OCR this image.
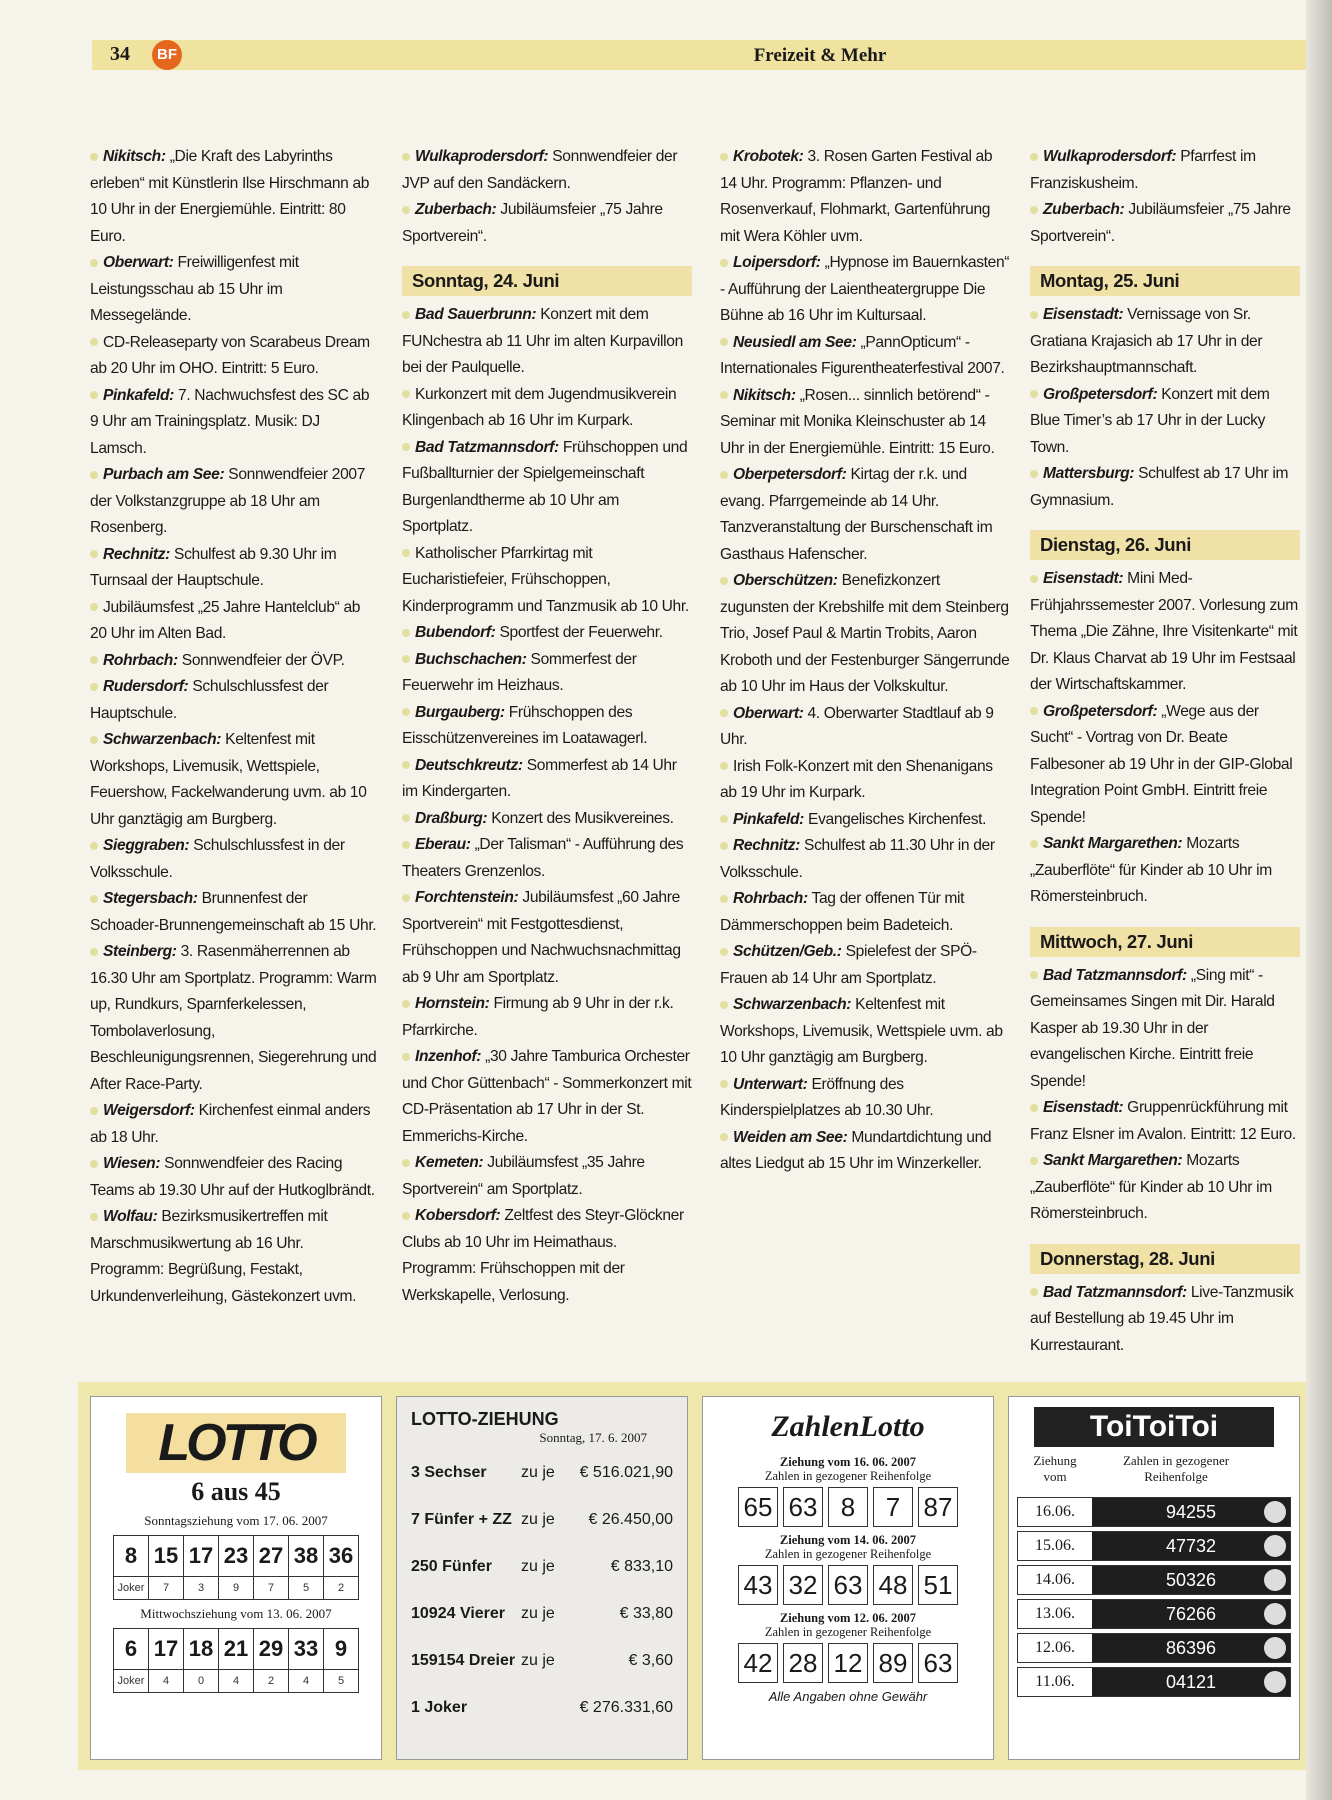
34	BF	Freizeit & Mehr

Nikitsch: „Die Kraft des Labyrinths erleben“ mit Künstlerin Ilse Hirschmann ab 10 Uhr in der Energiemühle. Eintritt: 80 Euro.

Oberwart: Freiwilligenfest mit Leistungsschau ab 15 Uhr im Messegelände.

CD-Releaseparty von Scarabeus Dream ab 20 Uhr im OHO. Eintritt: 5 Euro.

Pinkafeld: 7. Nachwuchsfest des SC ab 9 Uhr am Trainingsplatz. Musik: DJ Lamsch.

Purbach am See: Sonnwendfeier 2007 der Volkstanzgruppe ab 18 Uhr am Rosenberg.

Rechnitz: Schulfest ab 9.30 Uhr im Turnsaal der Hauptschule.

Jubiläumsfest „25 Jahre Hantelclub“ ab 20 Uhr im Alten Bad.

Rohrbach: Sonnwendfeier der ÖVP.

Rudersdorf: Schulschlussfest der Hauptschule.

Schwarzenbach: Keltenfest mit Workshops, Livemusik, Wettspiele, Feuershow, Fackelwanderung uvm. ab 10 Uhr ganztägig am Burgberg.

Sieggraben: Schulschlussfest in der Volksschule.

Stegersbach: Brunnenfest der Schoader-Brunnengemeinschaft ab 15 Uhr.

Steinberg: 3. Rasenmäherrennen ab 16.30 Uhr am Sportplatz. Programm: Warm up, Rundkurs, Sparnferkelessen, Tombolaverlosung, Beschleunigungsrennen, Siegerehrung und After Race-Party.

Weigersdorf: Kirchenfest einmal anders ab 18 Uhr.

Wiesen: Sonnwendfeier des Racing Teams ab 19.30 Uhr auf der Hutkoglbrändt.

Wolfau: Bezirksmusikertreffen mit Marschmusikwertung ab 16 Uhr. Programm: Begrüßung, Festakt, Urkundenverleihung, Gästekonzert uvm.

Wulkaprodersdorf: Sonnwendfeier der JVP auf den Sandäckern.

Zuberbach: Jubiläumsfeier „75 Jahre Sportverein“.

Sonntag, 24. Juni

Bad Sauerbrunn: Konzert mit dem FUNchestra ab 11 Uhr im alten Kurpavillon bei der Paulquelle.

Kurkonzert mit dem Jugendmusikverein Klingenbach ab 16 Uhr im Kurpark.

Bad Tatzmannsdorf: Frühschoppen und Fußballturnier der Spielgemeinschaft Burgenlandtherme ab 10 Uhr am Sportplatz.

Katholischer Pfarrkirtag mit Eucharistiefeier, Frühschoppen, Kinderprogramm und Tanzmusik ab 10 Uhr.

Bubendorf: Sportfest der Feuerwehr.

Buchschachen: Sommerfest der Feuerwehr im Heizhaus.

Burgauberg: Frühschoppen des Eisschützenvereines im Loatawagerl.

Deutschkreutz: Sommerfest ab 14 Uhr im Kindergarten.

Draßburg: Konzert des Musikvereines.

Eberau: „Der Talisman“ - Aufführung des Theaters Grenzenlos.

Forchtenstein: Jubiläumsfest „60 Jahre Sportverein“ mit Festgottesdienst, Frühschoppen und Nachwuchsnachmittag ab 9 Uhr am Sportplatz.

Hornstein: Firmung ab 9 Uhr in der r.k. Pfarrkirche.

Inzenhof: „30 Jahre Tamburica Orchester und Chor Güttenbach“ - Sommerkonzert mit CD-Präsentation ab 17 Uhr in der St. Emmerichs-Kirche.

Kemeten: Jubiläumsfest „35 Jahre Sportverein“ am Sportplatz.

Kobersdorf: Zeltfest des Steyr-Glöckner Clubs ab 10 Uhr im Heimathaus. Programm: Frühschoppen mit der Werkskapelle, Verlosung.

Krobotek: 3. Rosen Garten Festival ab 14 Uhr. Programm: Pflanzen- und Rosenverkauf, Flohmarkt, Gartenführung mit Wera Köhler uvm.

Loipersdorf: „Hypnose im Bauernkasten“ - Aufführung der Laientheatergruppe Die Bühne ab 16 Uhr im Kultursaal.

Neusiedl am See: „PannOpticum“ - Internationales Figurentheaterfestival 2007.

Nikitsch: „Rosen... sinnlich betörend“ - Seminar mit Monika Kleinschuster ab 14 Uhr in der Energiemühle. Eintritt: 15 Euro.

Oberpetersdorf: Kirtag der r.k. und evang. Pfarrgemeinde ab 14 Uhr. Tanzveranstaltung der Burschenschaft im Gasthaus Hafenscher.

Oberschützen: Benefizkonzert zugunsten der Krebshilfe mit dem Steinberg Trio, Josef Paul & Martin Trobits, Aaron Kroboth und der Festenburger Sängerrunde ab 10 Uhr im Haus der Volkskultur.

Oberwart: 4. Oberwarter Stadtlauf ab 9 Uhr.

Irish Folk-Konzert mit den Shenanigans ab 19 Uhr im Kurpark.

Pinkafeld: Evangelisches Kirchenfest.

Rechnitz: Schulfest ab 11.30 Uhr in der Volksschule.

Rohrbach: Tag der offenen Tür mit Dämmerschoppen beim Badeteich.

Schützen/Geb.: Spielefest der SPÖ-Frauen ab 14 Uhr am Sportplatz.

Schwarzenbach: Keltenfest mit Workshops, Livemusik, Wettspiele uvm. ab 10 Uhr ganztägig am Burgberg.

Unterwart: Eröffnung des Kinderspielplatzes ab 10.30 Uhr.

Weiden am See: Mundartdichtung und altes Liedgut ab 15 Uhr im Winzerkeller.

Wulkaprodersdorf: Pfarrfest im Franziskusheim.

Zuberbach: Jubiläumsfeier „75 Jahre Sportverein“.

Montag, 25. Juni

Eisenstadt: Vernissage von Sr. Gratiana Krajasich ab 17 Uhr in der Bezirkshauptmannschaft.

Großpetersdorf: Konzert mit dem Blue Timer’s ab 17 Uhr in der Lucky Town.

Mattersburg: Schulfest ab 17 Uhr im Gymnasium.

Dienstag, 26. Juni

Eisenstadt: Mini Med-Frühjahrssemester 2007. Vorlesung zum Thema „Die Zähne, Ihre Visitenkarte“ mit Dr. Klaus Charvat ab 19 Uhr im Festsaal der Wirtschaftskammer.

Großpetersdorf: „Wege aus der Sucht“ - Vortrag von Dr. Beate Falbesoner ab 19 Uhr in der GIP-Global Integration Point GmbH. Eintritt freie Spende!

Sankt Margarethen: Mozarts „Zauberflöte“ für Kinder ab 10 Uhr im Römersteinbruch.

Mittwoch, 27. Juni

Bad Tatzmannsdorf: „Sing mit“ - Gemeinsames Singen mit Dir. Harald Kasper ab 19.30 Uhr in der evangelischen Kirche. Eintritt freie Spende!

Eisenstadt: Gruppenrückführung mit Franz Elsner im Avalon. Eintritt: 12 Euro.

Sankt Margarethen: Mozarts „Zauberflöte“ für Kinder ab 10 Uhr im Römersteinbruch.

Donnerstag, 28. Juni

Bad Tatzmannsdorf: Live-Tanzmusik auf Bestellung ab 19.45 Uhr im Kurrestaurant.

LOTTO
6 aus 45
Sonntagsziehung vom 17. 06. 2007
8	15	17	23	27	38	36
Joker	7	3	9	7	5	2
Mittwochsziehung vom 13. 06. 2007
6	17	18	21	29	33	9
Joker	4	0	4	2	4	5
LOTTO-ZIEHUNG
Sonntag, 17. 6. 2007
3 Sechser zu je € 516.021,90
7 Fünfer + ZZ zu je € 26.450,00
250 Fünfer zu je	€ 833,10
10924 Vierer zu je	€ 33,80
159154 Dreier zu je	€ 3,60
1 Joker	€ 276.331,60
ZahlenLotto
Ziehung vom 16. 06. 2007
Zahlen in gezogener Reihenfolge
65 63 8	7 87
Ziehung vom 14. 06. 2007
Zahlen in gezogener Reihenfolge
43 32 63 48 51
Ziehung vom 12. 06. 2007
Zahlen in gezogener Reihenfolge
42 28 12 89 63
Alle Angaben ohne Gewähr
ToiToiToi
Ziehung vom
Zahlen in gezogener Reihenfolge
16.06.	94255
15.06.	47732
14.06.	50326
13.06.	76266
12.06.	86396
11.06.	04121
